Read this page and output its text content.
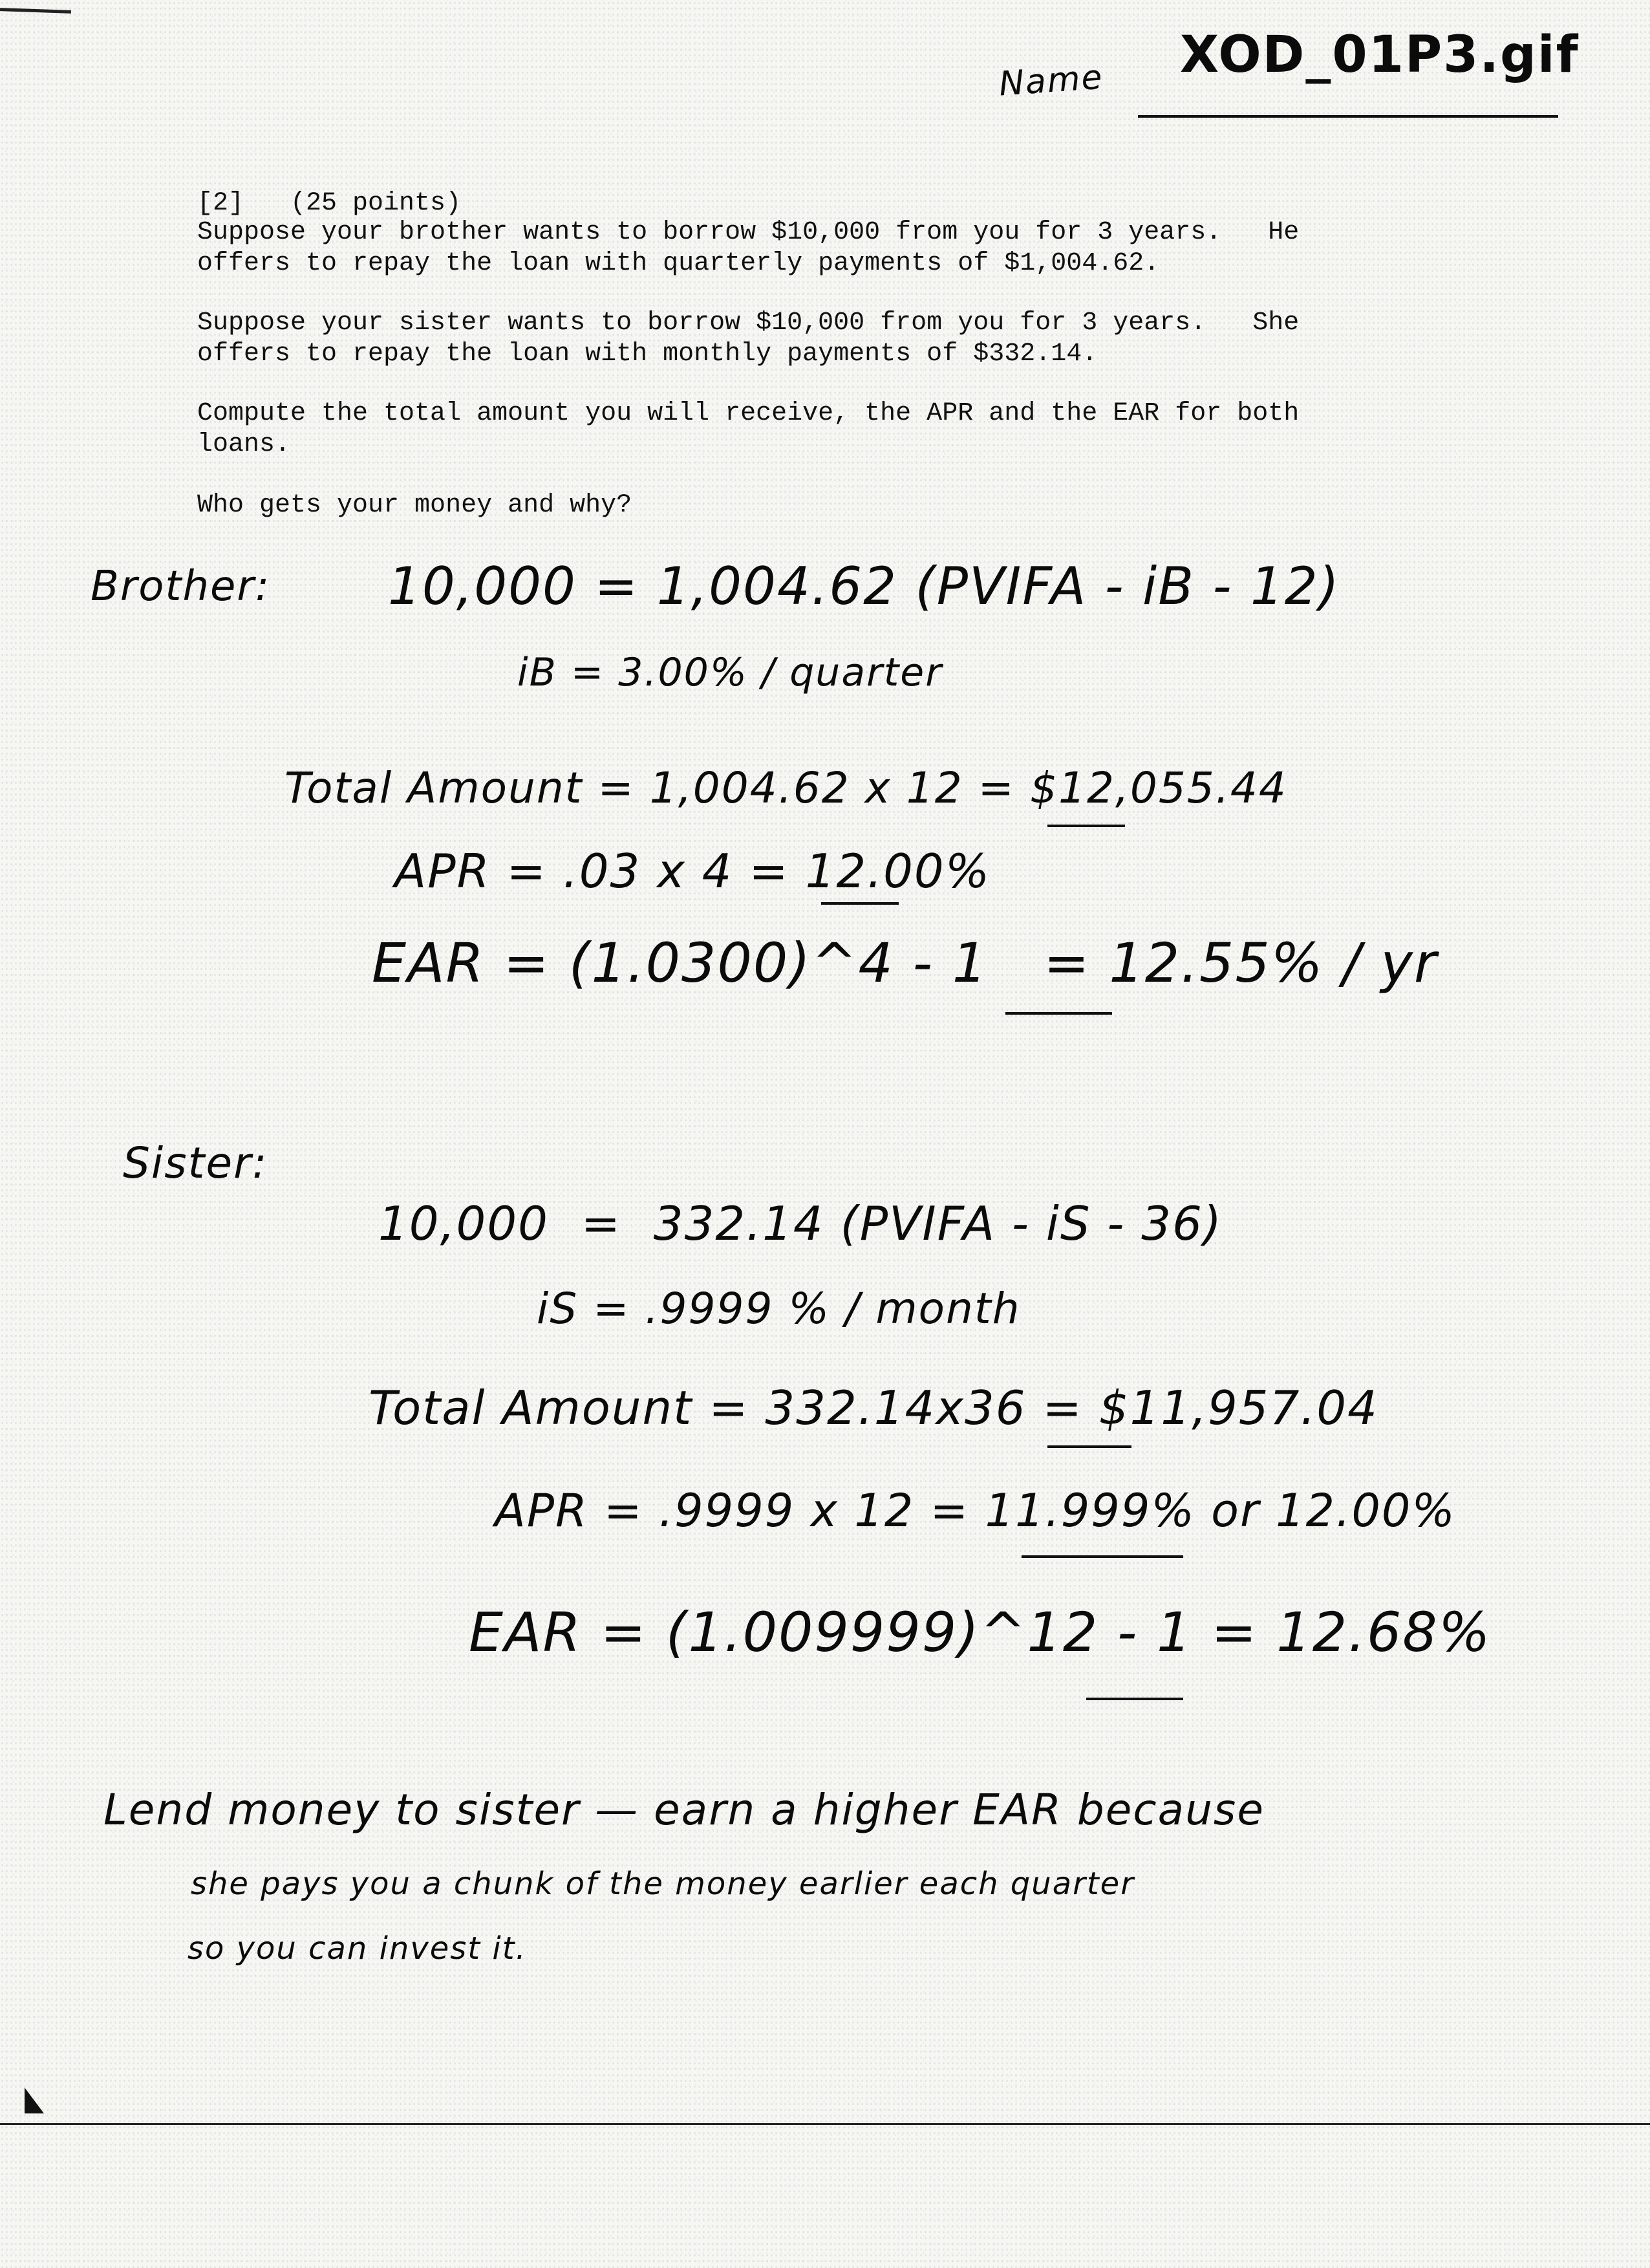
Name XOD_01P3.gif
[2]   (25 points)
Suppose your brother wants to borrow $10,000 from you for 3 years.   He
offers to repay the loan with quarterly payments of $1,004.62.
Suppose your sister wants to borrow $10,000 from you for 3 years.   She
offers to repay the loan with monthly payments of $332.14.
Compute the total amount you will receive, the APR and the EAR for both
loans.
Who gets your money and why?
Brother: 10,000 = 1,004.62 (PVIFA - iB - 12)
iB = 3.00% / quarter
Total Amount = 1,004.62 x 12 = $12,055.44
APR = .03 x 4 = 12.00%
EAR = (1.0300)^4 - 1   = 12.55% / yr
Sister:
10,000  =  332.14 (PVIFA - iS - 36)
iS = .9999 % / month
Total Amount = 332.14x36 = $11,957.04
APR = .9999 x 12 = 11.999% or 12.00%
EAR = (1.009999)^12 - 1 = 12.68%
Lend money to sister — earn a higher EAR because
she pays you a chunk of the money earlier each quarter
so you can invest it.
